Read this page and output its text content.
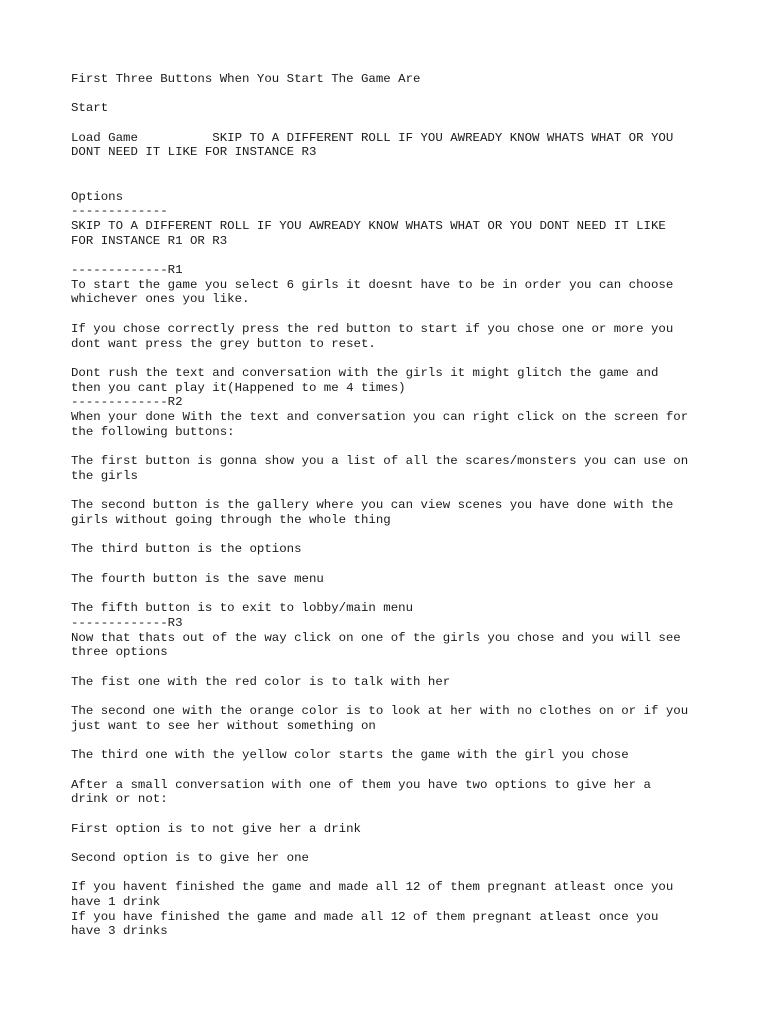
First Three Buttons When You Start The Game Are
Start
Load Game          SKIP TO A DIFFERENT ROLL IF YOU AWREADY KNOW WHATS WHAT OR YOU
DONT NEED IT LIKE FOR INSTANCE R3
Options
-------------
SKIP TO A DIFFERENT ROLL IF YOU AWREADY KNOW WHATS WHAT OR YOU DONT NEED IT LIKE
FOR INSTANCE R1 OR R3
-------------R1
To start the game you select 6 girls it doesnt have to be in order you can choose
whichever ones you like.
If you chose correctly press the red button to start if you chose one or more you
dont want press the grey button to reset.
Dont rush the text and conversation with the girls it might glitch the game and
then you cant play it(Happened to me 4 times)
-------------R2
When your done With the text and conversation you can right click on the screen for
the following buttons:
The first button is gonna show you a list of all the scares/monsters you can use on
the girls
The second button is the gallery where you can view scenes you have done with the
girls without going through the whole thing
The third button is the options
The fourth button is the save menu
The fifth button is to exit to lobby/main menu
-------------R3
Now that thats out of the way click on one of the girls you chose and you will see
three options
The fist one with the red color is to talk with her
The second one with the orange color is to look at her with no clothes on or if you
just want to see her without something on
The third one with the yellow color starts the game with the girl you chose
After a small conversation with one of them you have two options to give her a
drink or not:
First option is to not give her a drink
Second option is to give her one
If you havent finished the game and made all 12 of them pregnant atleast once you
have 1 drink
If you have finished the game and made all 12 of them pregnant atleast once you
have 3 drinks
